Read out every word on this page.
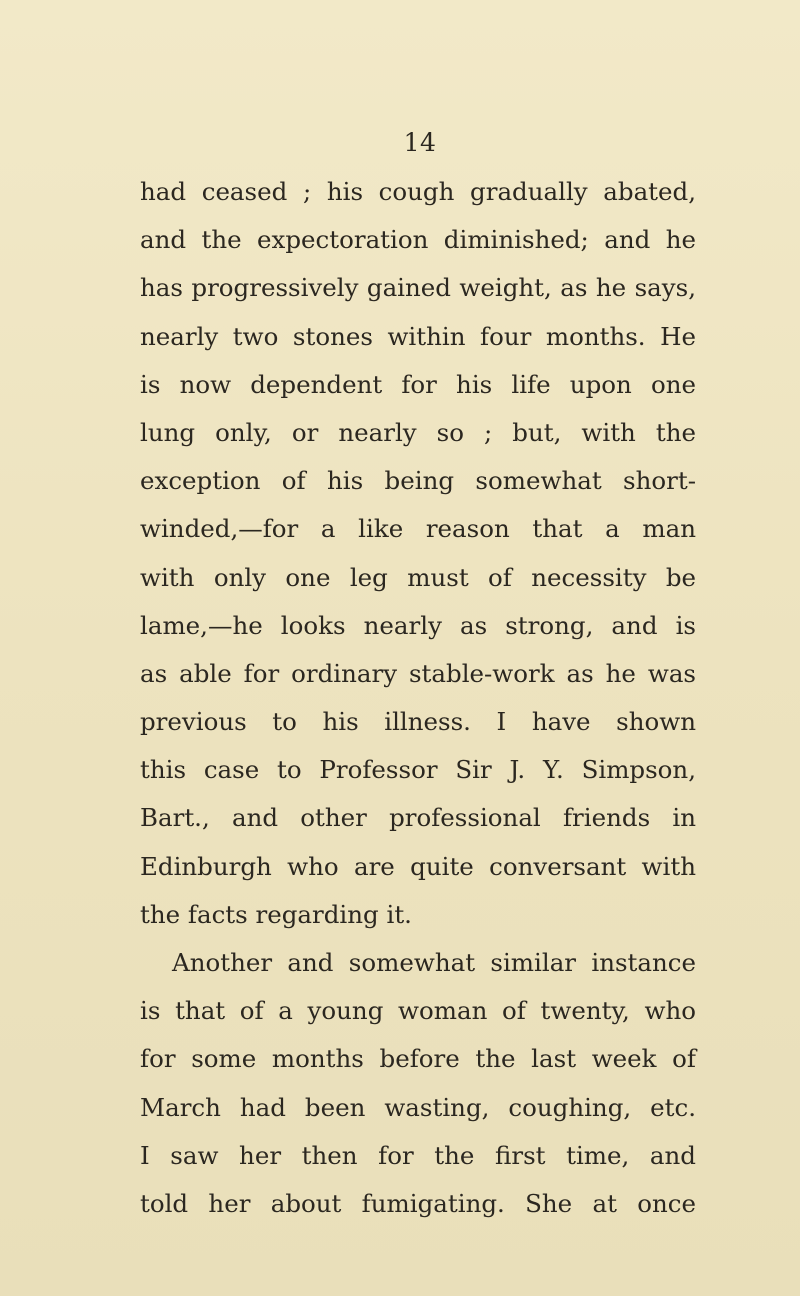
14
had ceased ; his cough gradually abated,
and the expectoration diminished; and he
has progressively gained weight, as he says,
nearly two stones within four months. He
is now dependent for his life upon one
lung only, or nearly so ; but, with the
exception of his being somewhat short-
winded,—for a like reason that a man
with only one leg must of necessity be
lame,—he looks nearly as strong, and is
as able for ordinary stable-work as he was
previous to his illness. I have shown
this case to Professor Sir J. Y. Simpson,
Bart., and other professional friends in
Edinburgh who are quite conversant with
the facts regarding it.
Another and somewhat similar instance
is that of a young woman of twenty, who
for some months before the last week of
March had been wasting, coughing, etc.
I saw her then for the first time, and
told her about fumigating. She at once
